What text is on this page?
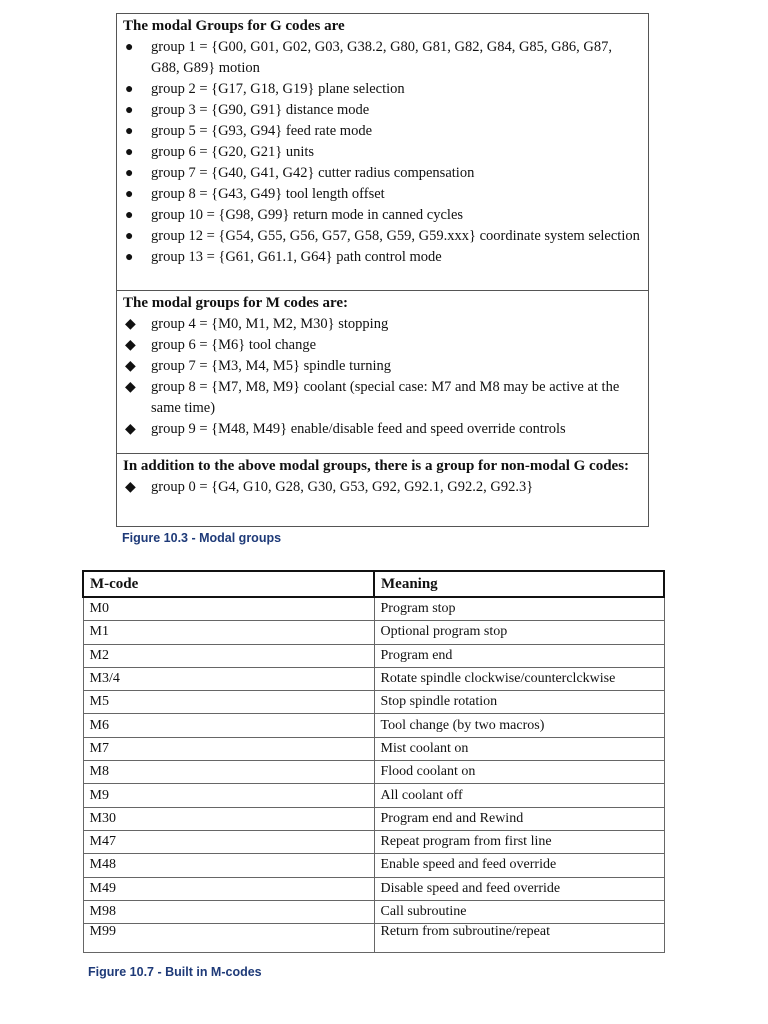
The modal Groups for G codes are
● group 1 = {G00, G01, G02, G03, G38.2, G80, G81, G82, G84, G85, G86, G87, G88, G89} motion
● group 2 = {G17, G18, G19} plane selection
● group 3 = {G90, G91} distance mode
● group 5 = {G93, G94} feed rate mode
● group 6 = {G20, G21} units
● group 7 = {G40, G41, G42} cutter radius compensation
● group 8 = {G43, G49} tool length offset
● group 10 = {G98, G99} return mode in canned cycles
● group 12 = {G54, G55, G56, G57, G58, G59, G59.xxx} coordinate system selection
● group 13 = {G61, G61.1, G64} path control mode
The modal groups for M codes are:
◆ group 4 = {M0, M1, M2, M30} stopping
◆ group 6 = {M6} tool change
◆ group 7 = {M3, M4, M5} spindle turning
◆ group 8 = {M7, M8, M9} coolant (special case: M7 and M8 may be active at the same time)
◆ group 9 = {M48, M49} enable/disable feed and speed override controls
In addition to the above modal groups, there is a group for non-modal G codes:
◆ group 0 = {G4, G10, G28, G30, G53, G92, G92.1, G92.2, G92.3}
Figure 10.3 - Modal groups
M-code	Meaning
M0	Program stop
M1	Optional program stop
M2	Program end
M3/4	Rotate spindle clockwise/counterclckwise
M5	Stop spindle rotation
M6	Tool change (by two macros)
M7	Mist coolant on
M8	Flood coolant on
M9	All coolant off
M30	Program end and Rewind
M47	Repeat program from first line
M48	Enable speed and feed override
M49	Disable speed and feed override
M98	Call subroutine
M99	Return from subroutine/repeat
Figure 10.7 - Built in M-codes
